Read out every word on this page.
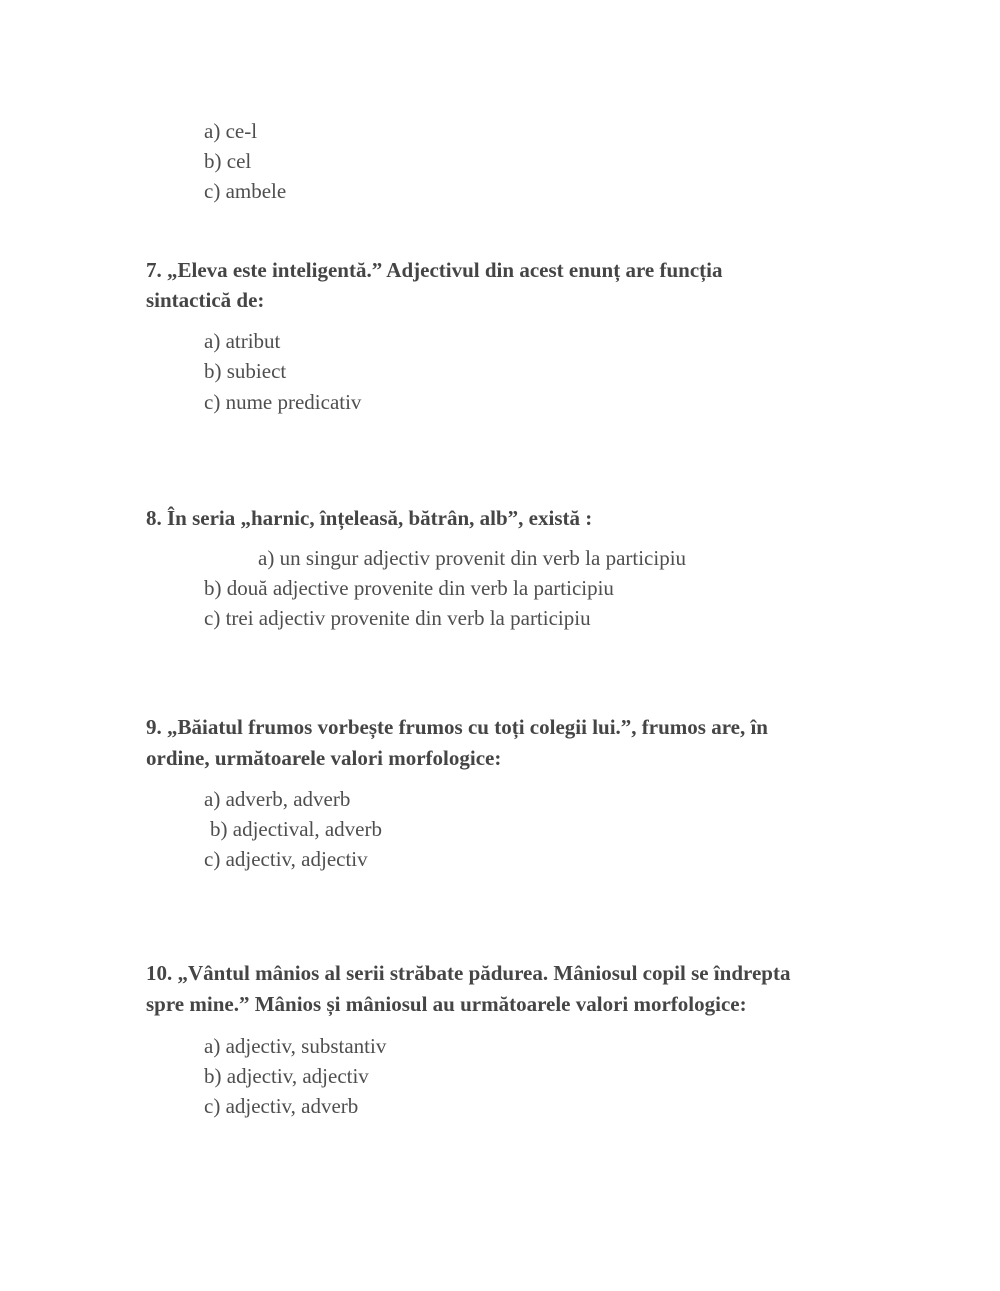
a) ce-l
b) cel
c) ambele
7. „Eleva este inteligentă.” Adjectivul din acest enunț are funcția
sintactică de:
a) atribut
b) subiect
c) nume predicativ
8. În seria „harnic, înțeleasă, bătrân, alb”, există :
a) un singur adjectiv provenit din verb la participiu
b) două adjective provenite din verb la participiu
c) trei adjectiv provenite din verb la participiu
9. „Băiatul frumos vorbește frumos cu toți colegii lui.”, frumos are, în
ordine, următoarele valori morfologice:
a) adverb, adverb
b) adjectival, adverb
c) adjectiv, adjectiv
10. „Vântul mânios al serii străbate pădurea. Mâniosul copil se îndrepta
spre mine.” Mânios și mâniosul au următoarele valori morfologice:
a) adjectiv, substantiv
b) adjectiv, adjectiv
c) adjectiv, adverb
